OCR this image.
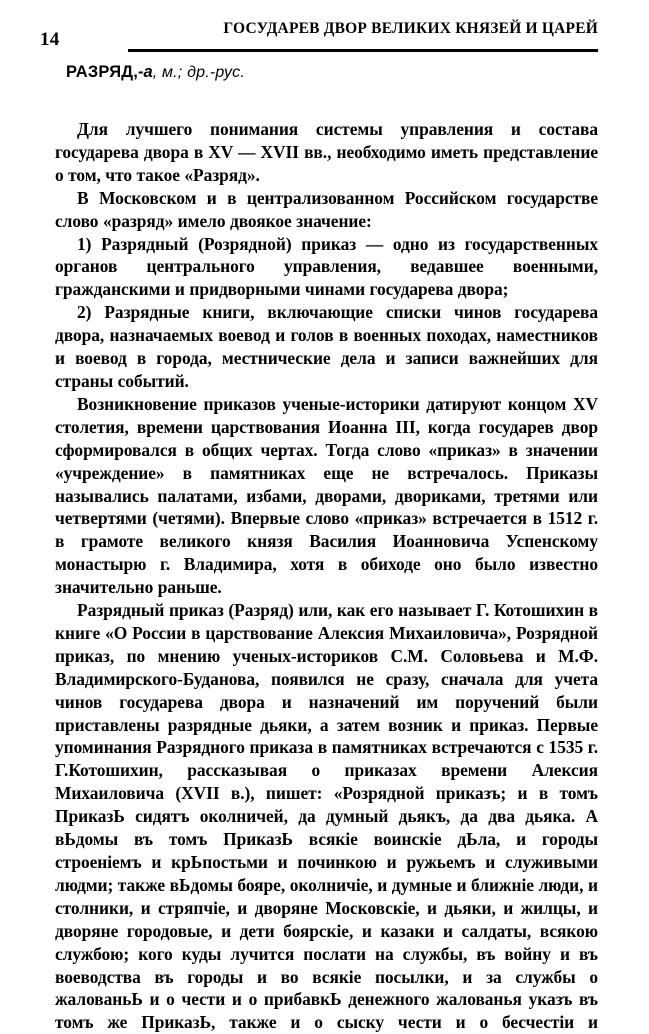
14
ГОСУДАРЕВ ДВОР ВЕЛИКИХ КНЯЗЕЙ И ЦАРЕЙ
РАЗРЯД,-а, м.; др.-рус.

Для лучшего понимания системы управления и состава государева двора в XV — XVII вв., необходимо иметь представление о том, что такое «Разряд».

В Московском и в централизованном Российском государстве слово «разряд» имело двоякое значение:

1) Разрядный (Розрядной) приказ — одно из государственных органов центрального управления, ведавшее военными, гражданскими и придворными чинами государева двора;

2) Разрядные книги, включающие списки чинов государева двора, назначаемых воевод и голов в военных походах, наместников и воевод в города, местнические дела и записи важнейших для страны событий.

Возникновение приказов ученые-историки датируют концом XV столетия, времени царствования Иоанна III, когда государев двор сформировался в общих чертах. Тогда слово «приказ» в значении «учреждение» в памятниках еще не встречалось. Приказы назывались палатами, избами, дворами, двориками, третями или четвертями (четями). Впервые слово «приказ» встречается в 1512 г. в грамоте великого князя Василия Иоанновича Успенскому монастырю г. Владимира, хотя в обиходе оно было известно значительно раньше.

Разрядный приказ (Разряд) или, как его называет Г. Котошихин в книге «О России в царствование Алексия Михаиловича», Розрядной приказ, по мнению ученых-историков С.М. Соловьева и М.Ф. Владимирского-Буданова, появился не сразу, сначала для учета чинов государева двора и назначений им поручений были приставлены разрядные дьяки, а затем возник и приказ. Первые упоминания Разрядного приказа в памятниках встречаются с 1535 г. Г.Котошихин, рассказывая о приказах времени Алексия Михаиловича (XVII в.), пишет: «Розрядной приказъ; и в томъ ПриказЬ сидятъ околничей, да думный дьякъ, да два дьяка. А вЬдомы въ томъ ПриказЬ всякіе воинскіе дЬла, и городы строеніемъ и крЬпостьми и починкою и ружьемъ и служивыми людми; также вЬдомы бояре, околничіе, и думные и ближніе люди, и столники, и стряпчіе, и дворяне Московскіе, и дьяки, и жилцы, и дворяне городовые, и дети боярскіе, и казаки и салдаты, всякою службою; кого куды лучится послати на службы, въ войну и въ воеводства въ городы и во всякіе посылки, и за службы о жалованьЬ и о чести и о прибавкЬ денежного жалованья указъ въ томъ же ПриказЬ, также и о сыску чести и о бесчестіи и
